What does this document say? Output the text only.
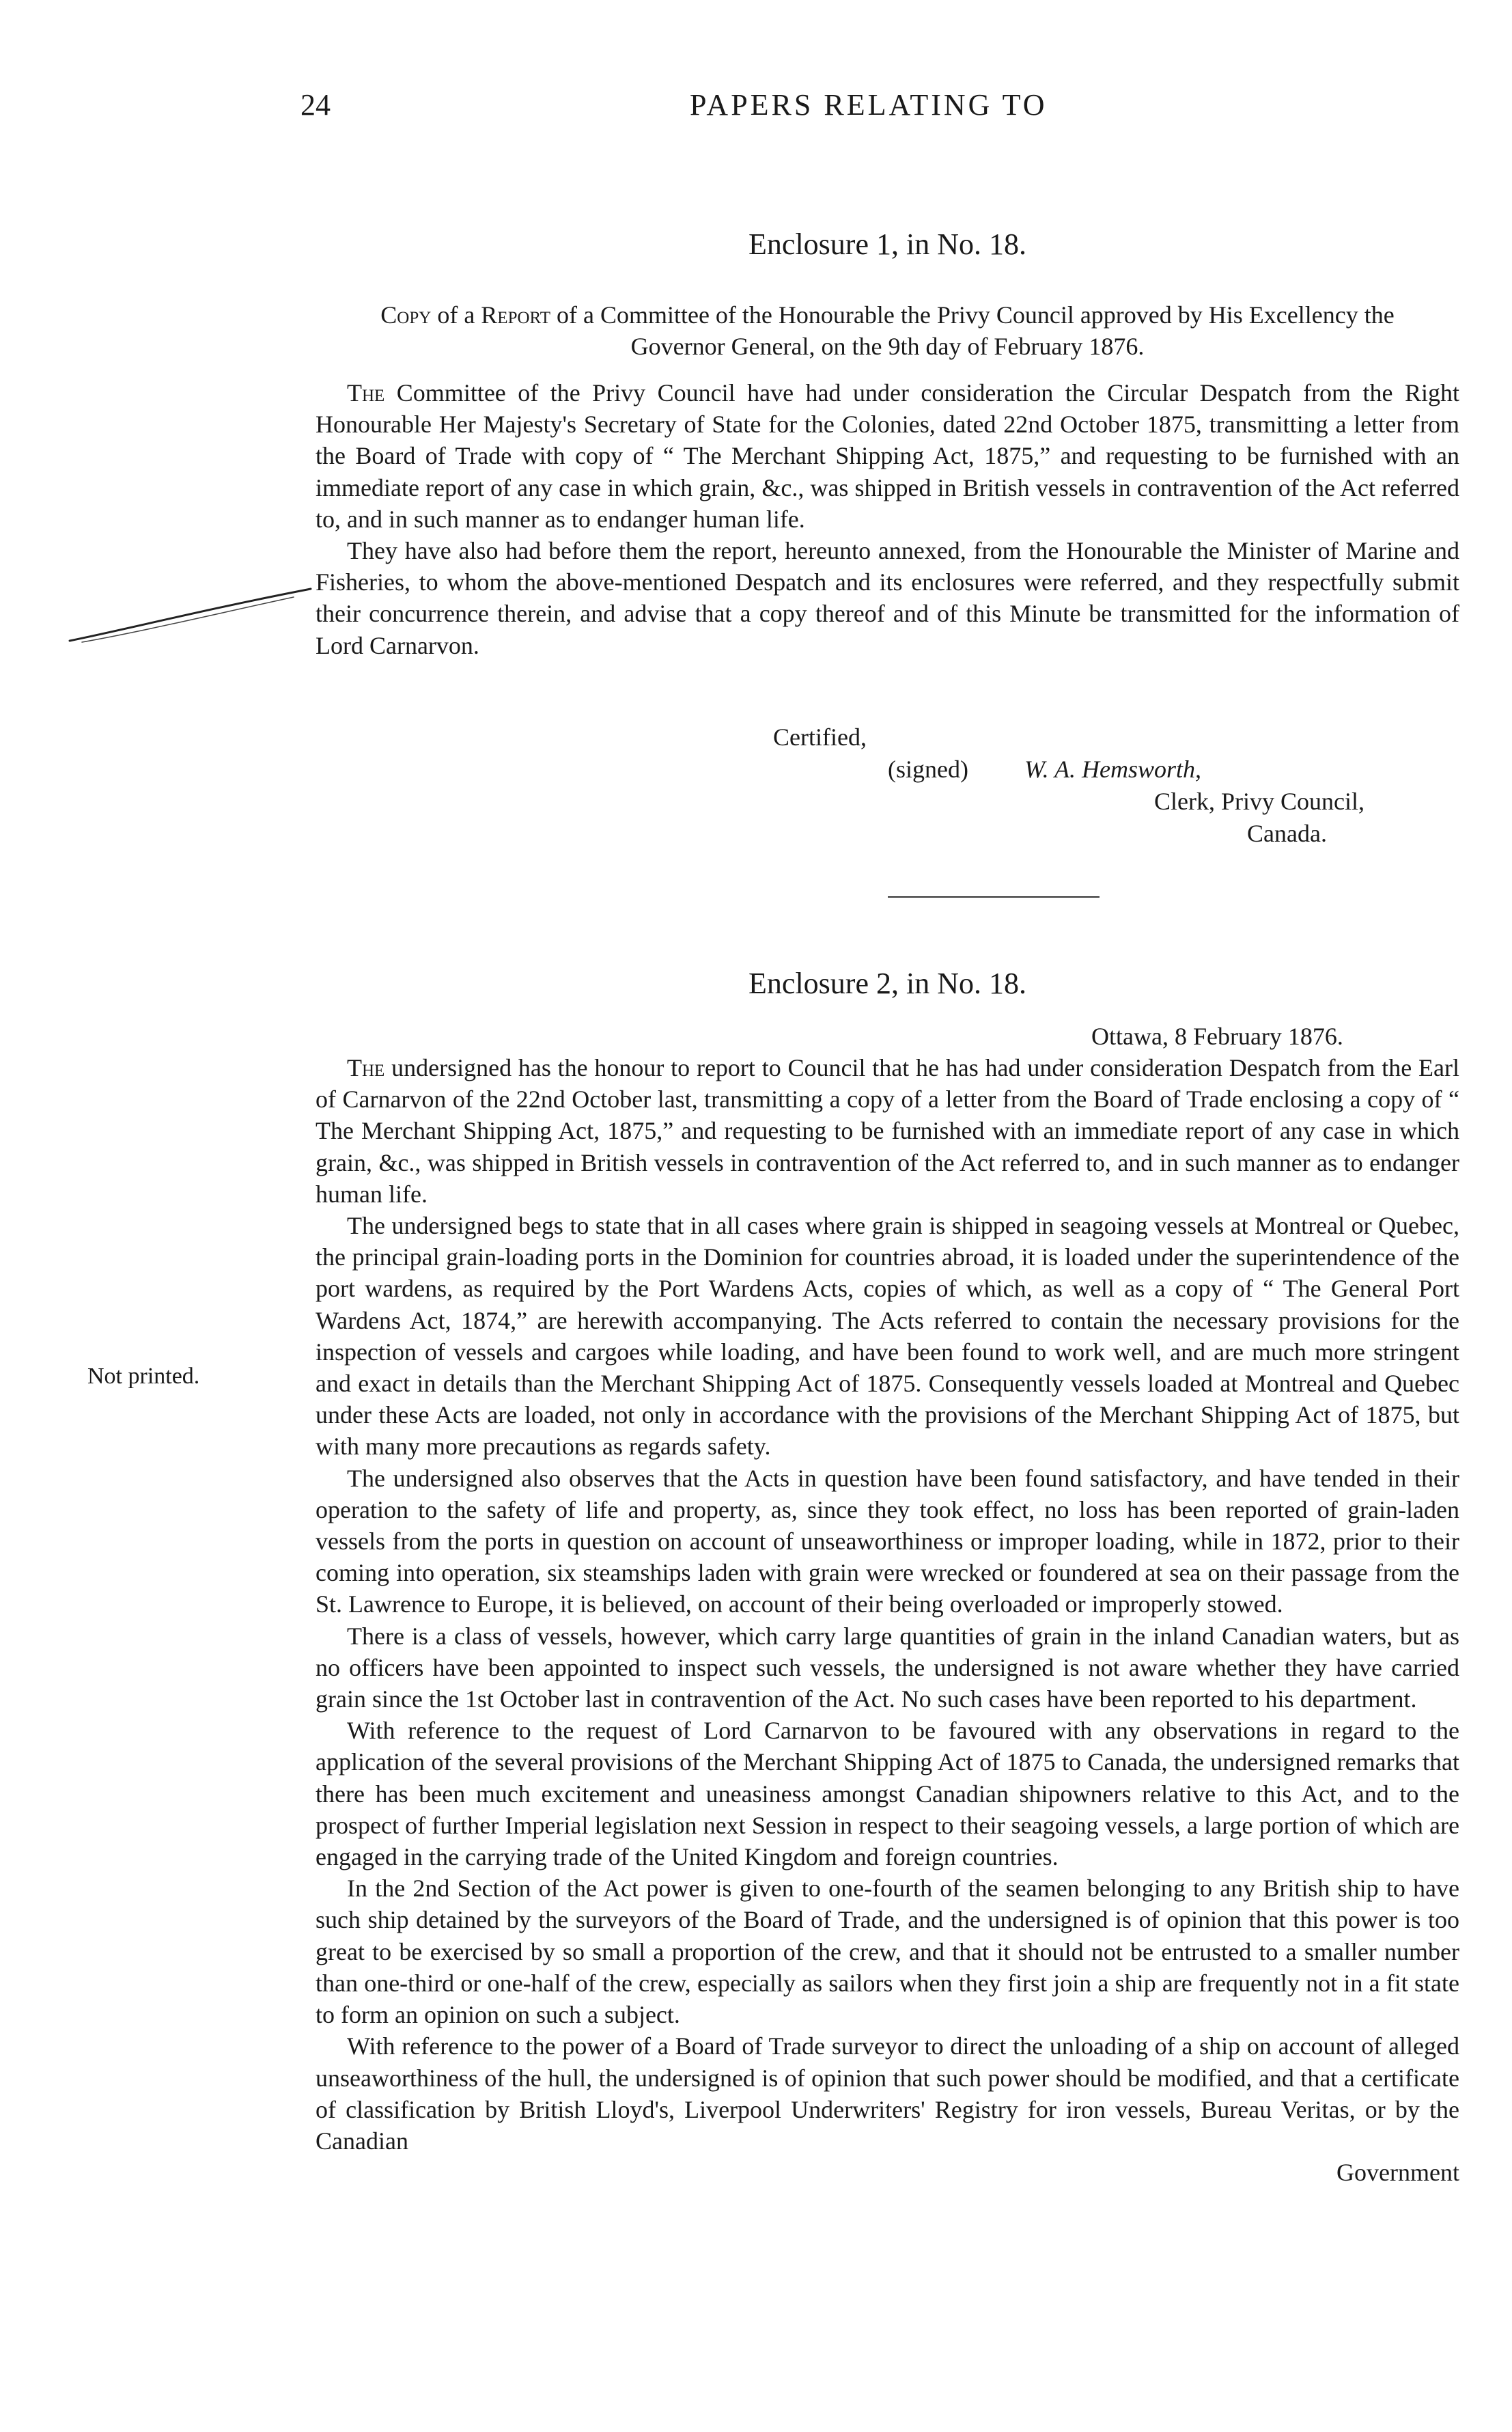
24	PAPERS RELATING TO

Enclosure 1, in No. 18.

Copy of a Report of a Committee of the Honourable the Privy Council approved by His Excellency the Governor General, on the 9th day of February 1876.

The Committee of the Privy Council have had under consideration the Circular Despatch from the Right Honourable Her Majesty's Secretary of State for the Colonies, dated 22nd October 1875, transmitting a letter from the Board of Trade with copy of “ The Merchant Shipping Act, 1875,” and requesting to be furnished with an immediate report of any case in which grain, &c., was shipped in British vessels in contravention of the Act referred to, and in such manner as to endanger human life.

They have also had before them the report, hereunto annexed, from the Honourable the Minister of Marine and Fisheries, to whom the above-mentioned Despatch and its enclosures were referred, and they respectfully submit their concurrence therein, and advise that a copy thereof and of this Minute be transmitted for the information of Lord Carnarvon.

Certified,
(signed) W. A. Hemsworth,
Clerk, Privy Council,
Canada.

Enclosure 2, in No. 18.

Ottawa, 8 February 1876.

The undersigned has the honour to report to Council that he has had under consideration Despatch from the Earl of Carnarvon of the 22nd October last, transmitting a copy of a letter from the Board of Trade enclosing a copy of “ The Merchant Shipping Act, 1875,” and requesting to be furnished with an immediate report of any case in which grain, &c., was shipped in British vessels in contravention of the Act referred to, and in such manner as to endanger human life.

The undersigned begs to state that in all cases where grain is shipped in seagoing vessels at Montreal or Quebec, the principal grain-loading ports in the Dominion for countries abroad, it is loaded under the superintendence of the port wardens, as required by the Port Wardens Acts, copies of which, as well as a copy of “ The General Port Wardens Act, 1874,” are herewith accompanying. The Acts referred to contain the necessary provisions for the inspection of vessels and cargoes while loading, and have been found to work well, and are much more stringent and exact in details than the Merchant Shipping Act of 1875. Consequently vessels loaded at Montreal and Quebec under these Acts are loaded, not only in accordance with the provisions of the Merchant Shipping Act of 1875, but with many more precautions as regards safety.

The undersigned also observes that the Acts in question have been found satisfactory, and have tended in their operation to the safety of life and property, as, since they took effect, no loss has been reported of grain-laden vessels from the ports in question on account of unseaworthiness or improper loading, while in 1872, prior to their coming into operation, six steamships laden with grain were wrecked or foundered at sea on their passage from the St. Lawrence to Europe, it is believed, on account of their being overloaded or improperly stowed.

There is a class of vessels, however, which carry large quantities of grain in the inland Canadian waters, but as no officers have been appointed to inspect such vessels, the undersigned is not aware whether they have carried grain since the 1st October last in contravention of the Act. No such cases have been reported to his department.

With reference to the request of Lord Carnarvon to be favoured with any observations in regard to the application of the several provisions of the Merchant Shipping Act of 1875 to Canada, the undersigned remarks that there has been much excitement and uneasiness amongst Canadian shipowners relative to this Act, and to the prospect of further Imperial legislation next Session in respect to their seagoing vessels, a large portion of which are engaged in the carrying trade of the United Kingdom and foreign countries.

In the 2nd Section of the Act power is given to one-fourth of the seamen belonging to any British ship to have such ship detained by the surveyors of the Board of Trade, and the undersigned is of opinion that this power is too great to be exercised by so small a proportion of the crew, and that it should not be entrusted to a smaller number than one-third or one-half of the crew, especially as sailors when they first join a ship are frequently not in a fit state to form an opinion on such a subject.

With reference to the power of a Board of Trade surveyor to direct the unloading of a ship on account of alleged unseaworthiness of the hull, the undersigned is of opinion that such power should be modified, and that a certificate of classification by British Lloyd's, Liverpool Underwriters' Registry for iron vessels, Bureau Veritas, or by the Canadian

Government

Not printed.
